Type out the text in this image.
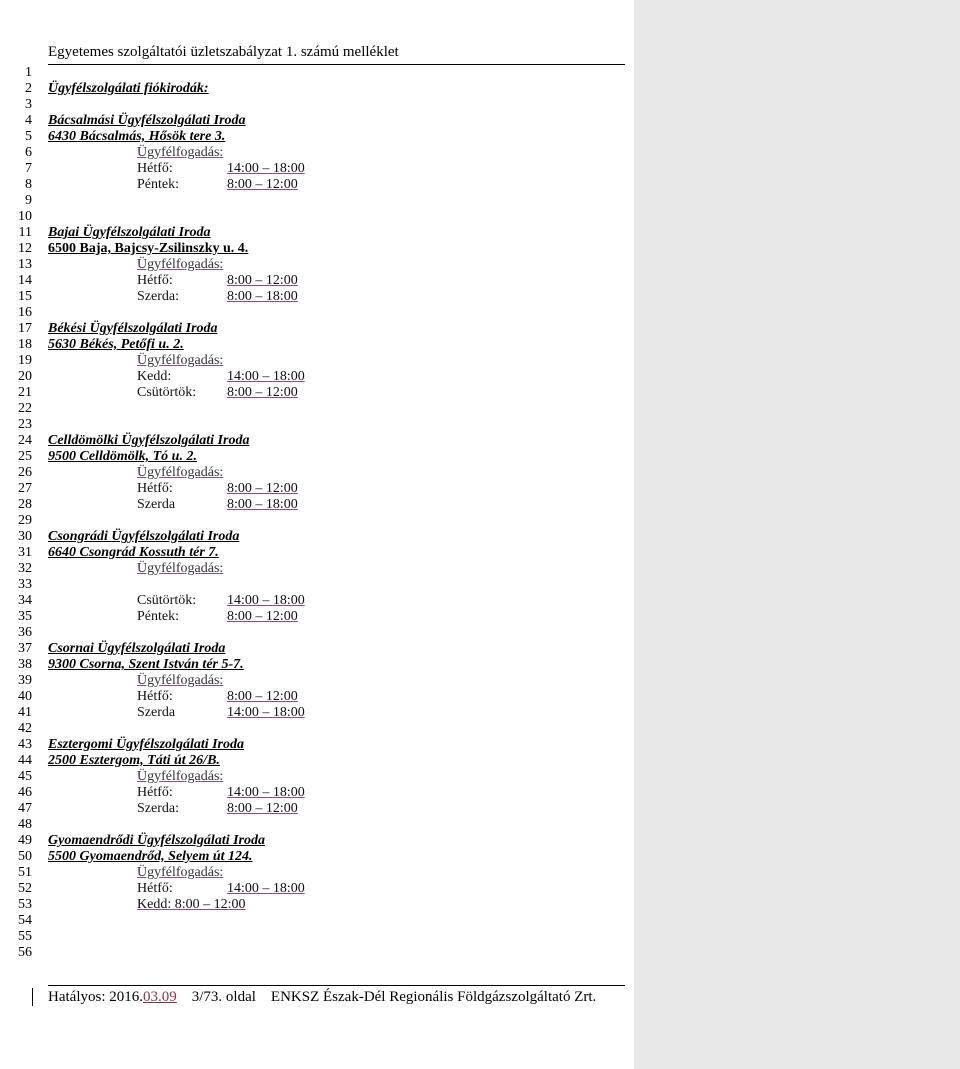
Egyetemes szolgáltatói üzletszabályzat 1. számú melléklet
1
2
3
4
5
6
7
8
9
10
11
12
13
14
15
16
17
18
19
20
21
22
23
24
25
26
27
28
29
30
31
32
33
34
35
36
37
38
39
40
41
42
43
44
45
46
47
48
49
50
51
52
53
54
55
56
Ügyfélszolgálati fiókirodák:
Bácsalmási Ügyfélszolgálati Iroda
6430 Bácsalmás, Hősök tere 3.
Ügyfélfogadás:
Hétfő:	14:00 – 18:00
Péntek:	8:00 – 12:00
Bajai Ügyfélszolgálati Iroda
6500 Baja, Bajcsy-Zsilinszky u. 4.
Ügyfélfogadás:
Hétfő:	8:00 – 12:00
Szerda:	8:00 – 18:00
Békési Ügyfélszolgálati Iroda
5630 Békés, Petőfi u. 2.
Ügyfélfogadás:
Kedd:	14:00 – 18:00
Csütörtök: 8:00 – 12:00
Celldömölki Ügyfélszolgálati Iroda
9500 Celldömölk, Tó u. 2.
Ügyfélfogadás:
Hétfő:	8:00 – 12:00
Szerda	8:00 – 18:00
Csongrádi Ügyfélszolgálati Iroda
6640 Csongrád Kossuth tér 7.
Ügyfélfogadás:
Csütörtök: 14:00 – 18:00
Péntek:	8:00 – 12:00
Csornai Ügyfélszolgálati Iroda
9300 Csorna, Szent István tér 5-7.
Ügyfélfogadás:
Hétfő:	8:00 – 12:00
Szerda	14:00 – 18:00
Esztergomi Ügyfélszolgálati Iroda
2500 Esztergom, Táti út 26/B.
Ügyfélfogadás:
Hétfő:	14:00 – 18:00
Szerda:	8:00 – 12:00
Gyomaendrődi Ügyfélszolgálati Iroda
5500 Gyomaendrőd, Selyem út 124.
Ügyfélfogadás:
Hétfő:	14:00 – 18:00
Kedd: 8:00 – 12:00
Hatályos: 2016.03.09 3/73. oldal ENKSZ Észak-Dél Regionális Földgázszolgáltató Zrt.
